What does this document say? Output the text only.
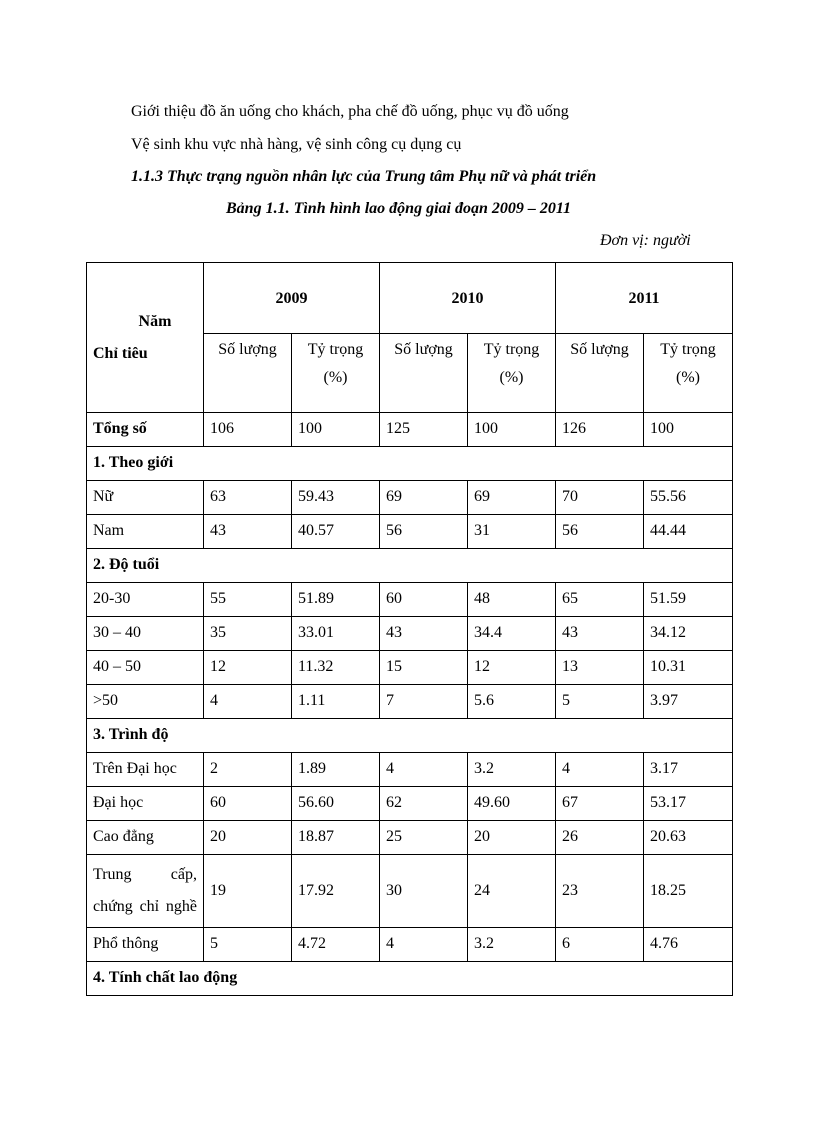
Giới thiệu đồ ăn uống cho khách, pha chế đồ uống, phục vụ đồ uống
Vệ sinh khu vực nhà hàng, vệ sinh công cụ dụng cụ
1.1.3 Thực trạng nguồn nhân lực của Trung tâm Phụ nữ và phát triển
Bảng 1.1. Tình hình lao động giai đoạn 2009 – 2011
Đơn vị: người
Năm
Chỉ tiêu	2009		2010		2011	
	Số lượng	Tỷ trọng (%)	Số lượng	Tỷ trọng (%)	Số lượng	Tỷ trọng (%)
Tổng số	106	100	125	100	126	100
1. Theo giới						
Nữ	63	59.43	69	69	70	55.56
Nam	43	40.57	56	31	56	44.44
2. Độ tuổi						
20-30	55	51.89	60	48	65	51.59
30 – 40	35	33.01	43	34.4	43	34.12
40 – 50	12	11.32	15	12	13	10.31
>50	4	1.11	7	5.6	5	3.97
3. Trình độ						
Trên Đại học	2	1.89	4	3.2	4	3.17
Đại học	60	56.60	62	49.60	67	53.17
Cao đẳng	20	18.87	25	20	26	20.63

Trung cấp, chứng chỉ nghề	19	17.92	30	24	23	18.25
Phổ thông	5	4.72	4	3.2	6	4.76
4. Tính chất lao động						
